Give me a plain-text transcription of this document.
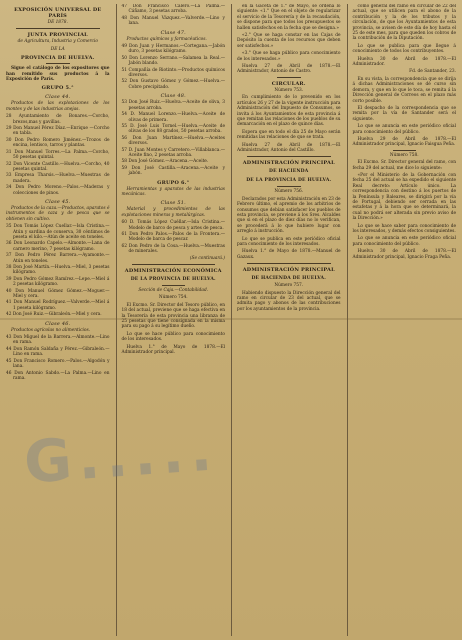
G.....
EXPOSICIÓN UNIVERSAL DE PARÍS
DE 1878.
JUNTA PROVINCIAL
de Agricultura, Industria y Comercio
DE LA
PROVINCIA DE HUELVA.

Sigue el catálogo de los expositores que han remitido sus productos á la Exposición de París.

GRUPO 5.°
Clase 44.

Productos de las explotaciones de los montes y de las industrias anejas.

28 Ayuntamiento de Bonares.—Corcho, brezos,mas y gavillas.
29 Don Manuel Pérez Díaz.—Enrique —Corcho en tabla.
30 Don Pedro Romero Jiménez.—Trozos de encina, lentisco, tarros y plantas.
31 Don Manuel Torres.—La Palma.—Corcho, 50 pesetas quintal.
32 Don Vicente Castillo.—Huelva.—Corcho, 40 pesetas quintal.
33 Empresa Tharsis.—Huelva.—Muestras de madera.
34 Don Pedro Moreno.—Palos.—Maderas y colecciones de pinos.
Clase 45.

Productos de la caza.—Productos, aparatos é instrumentos de caza y de pesca que se obtienen sin cultivo.

35 Don Tomás López Cuellar.—Isla Cristina.—Atún y sardina de conserva, 30 céntimos de peseta el kilo.—Atún de aceite en toneles.
36 Don Leonardo Capelo.—Almonte.—Lana de carnero merino, 7 pesetas kilógramo.
37 Don Pedro Pérez Barrera.—Ayamonte.—Atún en toneles.
38 Don José Martín.—Huelva.—Miel, 3 pesetas kilógramo.
39 Don Pedro Gómez Ramírez.—Lepe.—Miel á 2 pesetas kilógramo.
40 Don Manuel Gómez Gómez.—Moguer.—Miel y cera.
41 Don Manuel Rodríguez.—Valverde.—Miel á 1 peseta kilógramo.
42 Don José Ruiz.—Gibraleón.—Miel y cera.
Clase 46.

Productos agrícolas no alimenticios.

43 Don Miguel de la Barrera.—Almonte.—Lino en rama.
44 Don Ramón Saldaña y Pérez.—Gibraleón.—Lino en rama.
45 Don Francisco Romero.—Palos.—Algodón y lana.
46 Don Antonio Sabdo.—La Palma.—Lino en rama.
47 Don Francisco Calero.—La Palma.—Cáñamo, 3 pesetas arroba.
48 Don Manuel Vázquez.—Valverde.—Lino y lana.
Clase 47.

Productos químicos y farmacéuticos.

49 Don Juan y Hermanos.—Cortegana.—Jabón duro, 3 pesetas kilógramo.
50 Don Lorenzo Serrano.—Salamea la Real.—Jabón blando.
51 Compañía de Riotinto.—Productos químicos diversos.
52 Don Gustavo Gómez y Gómez.—Huelva.—Cobre precipitado.
Clase 48.
53 Don José Ruiz.—Huelva.—Aceite de oliva, 3 pesetas arroba.
54 D. Manuel Lorenzo.—Huelva.—Aceite de olivas de primera.
55 D. José Luis Tornel.—Huelva.—Aceite de olivas de los 88 grados, 50 pesetas arroba.
56 Don Juan Martínez.—Huelva.—Aceites diversos.
57 D. Juan Montes y Carretero.—Villablanca.—Aceite fino, 2 pesetas arroba.
58 Don José Gómez.—Aracena.—Aceite.
59 Don José Castilla.—Aracena.—Aceite y jabón.
GRUPO 6.°

Herramientas y aparatos de las industrias mecánicas.

Clase 51.

Material y procedimientos de las explotaciones mineras y metalúrgicas.

60 D. Tomás López Cuéllar.—Isla Cristina.—Modelo de barco de pesca y artes de pesca.
61 Don Pedro Palos.—Palos de la Frontera.—Modelo de barca de pescar.
62 Don Pedro de la Cosa.—Huelva.—Muestras de minerales.
(Se continuará.)
ADMINISTRACIÓN ECONÓMICA
DE LA PROVINCIA DE HUELVA.
Sección de Caja.—Contabilidad.
Número 754.

El Excmo. Sr. Director del Tesoro público, en 18 del actual, previene que se haga efectiva en la Tesorería de esta provincia una libranza de 25 pesetas que tiene consignada en la misma para su pago á su legítimo dueño.

Lo que se hace público para conocimiento de los interesados.

Huelva 1.° de Mayo de 1878.—El Administrador principal.

en la Gaceta de 1.° de Mayo, se ordena lo siguiente: «1.° Que en el objeto de regularizar el servicio de la Tesorería y de la recaudación, se dispone para que todos los presupuestos se hallen satisfechos en la fecha que se designa.»

«2.° Que se haga constar en las Cajas de Depósito la cuenta de los recursos que deben ser satisfechos.»

«3.° Que se haga público para conocimiento de los interesados.»

Huelva 27 de Abril de 1878.—El Administrador, Antonio de Castro.

CIRCULAR.
Número 753.

En cumplimiento de lo prevenido en los artículos 26 y 27 de la vigente instrucción para Administración del Impuesto de Consumos, se invita á los Ayuntamientos de esta provincia á que remitan las relaciones de los pueblos de su demarcación en el plazo de quince días.

Espera que en todo el día 25 de Mayo serán remitidas las relaciones de que se trata.

Huelva 27 de Abril de 1878.—El Administrador, Antonio del Castillo.

ADMINISTRACIÓN PRINCIPAL
DE HACIENDA
DE LA PROVINCIA DE HUELVA.
Número 756.

Declarados por esta Administración en 23 de Febrero último, el apremio de los arbitrios de consumos que debían satisfacer los pueblos de esta provincia, se previene á los Sres. Alcaldes que si en el plazo de diez días no lo verifican, se procederá á lo que hubiere lugar con arreglo á instrucción.

Lo que se publica en este periódico oficial para conocimiento de los interesados.

Huelva 1.° de Mayo de 1878.—Manuel de Gazaux.

ADMINISTRACIÓN PRINCIPAL
DE HACIENDA DE HUELVA.
Número 757.

Habiendo dispuesto la Dirección general del ramo en circular de 23 del actual, que se admita pago y abonos de las contribuciones por los ayuntamientos de la provincia.

como general del ramo en circular de 22 del actual, que se utilicen para el abono de la contribución y la de los tributos y la circulación, de que los Ayuntamientos de esta provincia, se avisen de este día de hoy hasta el 25 de este mes, para que queden los cobros de la contribución de la Diputación.

Lo que se publica para que llegue á conocimiento de todos los contribuyentes.

Huelva 30 de Abril de 1878.—El Administrador.

Fd. de Santander, 23.

En su vista, la correspondencia que se dirija á dichas Administraciones se dé curso sin demora, y que en lo que le toca, se remita á la Dirección general de Correos en el plazo más corto posible.

El despacho de la correspondencia que se remita por la vía de Santander será el siguiente.

Lo que se anuncia en este periódico oficial para conocimiento del público.

Huelva 29 de Abril de 1878.—El Administrador principal, Ignacio Faisgua Peña.

Número 758.

El Excmo. Sr. Director general del ramo, con fecha 29 del actual, me dice lo siguiente:

«Por el Ministerio de la Gobernación con fecha 25 del actual se ha expedido el siguiente Real decreto: Artículo único. La correspondencia con destino á los puertos de la Península y Baleares, se dirigirá por la vía de Portugal, debiendo ser cerrada en las estafetas y á la hora que se determinará, la cual no podrá ser alterada sin previo aviso de la Dirección.»

Lo que se hace saber para conocimiento de los interesados, y demás efectos consiguientes.

Lo que se anuncia en este periódico oficial para conocimiento del público.

Huelva 30 de Abril de 1878.—El Administrador principal, Ignacio Fraga Peña.
